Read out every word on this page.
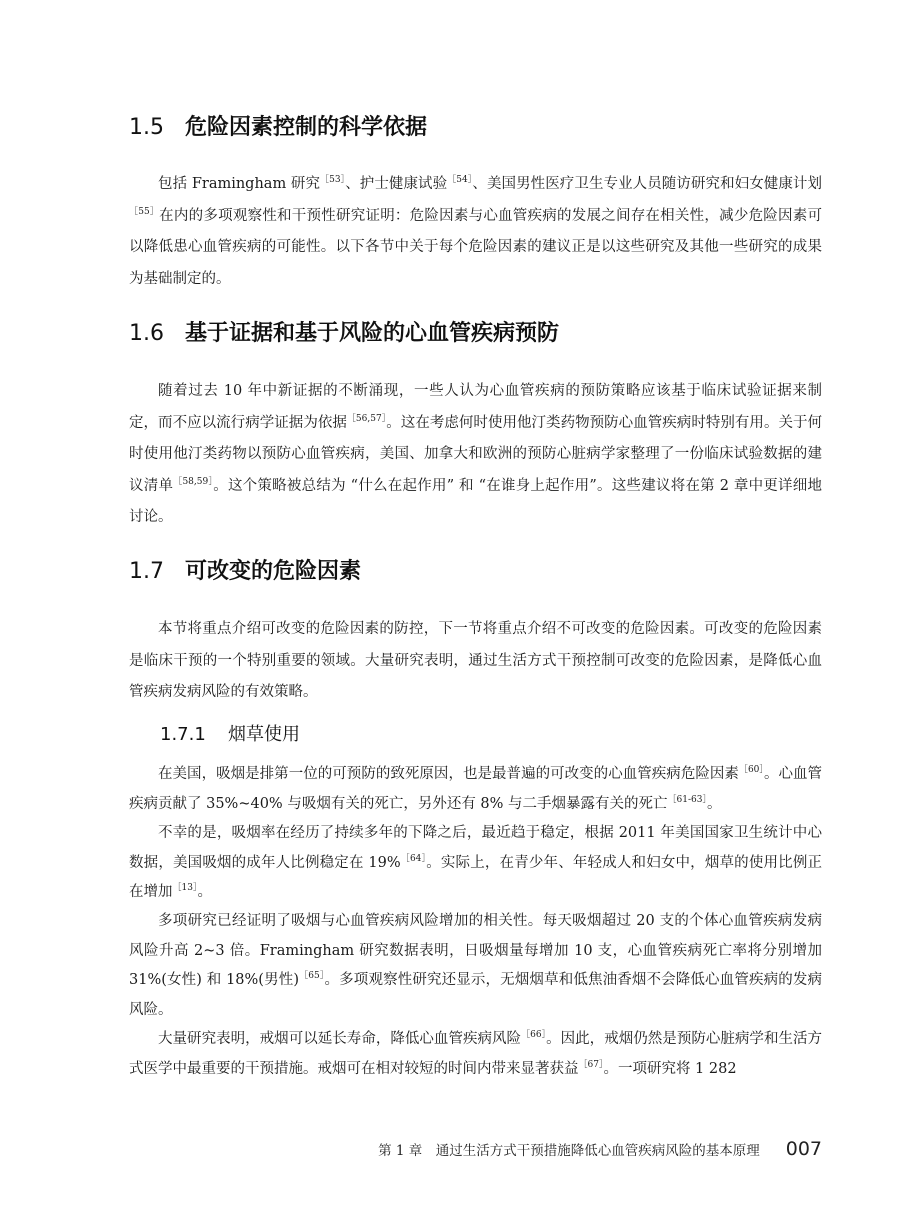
1.5 危险因素控制的科学依据

包括 Framingham 研究$^{[53]}$、护士健康试验$^{[54]}$、美国男性医疗卫生专业人员随访研究和妇女健康计划$^{[55]}$在内的多项观察性和干预性研究证明：危险因素与心血管疾病的发展之间存在相关性，减少危险因素可以降低患心血管疾病的可能性。以下各节中关于每个危险因素的建议正是以这些研究及其他一些研究的成果为基础制定的。

1.6 基于证据和基于风险的心血管疾病预防

随着过去 10 年中新证据的不断涌现，一些人认为心血管疾病的预防策略应该基于临床试验证据来制定，而不应以流行病学证据为依据$^{[56,57]}$。这在考虑何时使用他汀类药物预防心血管疾病时特别有用。关于何时使用他汀类药物以预防心血管疾病，美国、加拿大和欧洲的预防心脏病学家整理了一份临床试验数据的建议清单$^{[58,59]}$。这个策略被总结为 “什么在起作用” 和 “在谁身上起作用”。这些建议将在第 2 章中更详细地讨论。

1.7 可改变的危险因素

本节将重点介绍可改变的危险因素的防控，下一节将重点介绍不可改变的危险因素。可改变的危险因素是临床干预的一个特别重要的领域。大量研究表明，通过生活方式干预控制可改变的危险因素，是降低心血管疾病发病风险的有效策略。

1.7.1 烟草使用

在美国，吸烟是排第一位的可预防的致死原因，也是最普遍的可改变的心血管疾病危险因素$^{[60]}$。心血管疾病贡献了 35%~40% 与吸烟有关的死亡，另外还有 8% 与二手烟暴露有关的死亡$^{[61-63]}$。

不幸的是，吸烟率在经历了持续多年的下降之后，最近趋于稳定，根据 2011 年美国国家卫生统计中心数据，美国吸烟的成年人比例稳定在 19%$^{[64]}$。实际上，在青少年、年轻成人和妇女中，烟草的使用比例正在增加$^{[13]}$。

多项研究已经证明了吸烟与心血管疾病风险增加的相关性。每天吸烟超过 20 支的个体心血管疾病发病风险升高 2~3 倍。Framingham 研究数据表明，日吸烟量每增加 10 支，心血管疾病死亡率将分别增加 31%(女性) 和 18%(男性)$^{[65]}$。多项观察性研究还显示，无烟烟草和低焦油香烟不会降低心血管疾病的发病风险。

大量研究表明，戒烟可以延长寿命，降低心血管疾病风险$^{[66]}$。因此，戒烟仍然是预防心脏病学和生活方式医学中最重要的干预措施。戒烟可在相对较短的时间内带来显著获益$^{[67]}$。一项研究将 1 282

第 1 章　通过生活方式干预措施降低心血管疾病风险的基本原理 007
